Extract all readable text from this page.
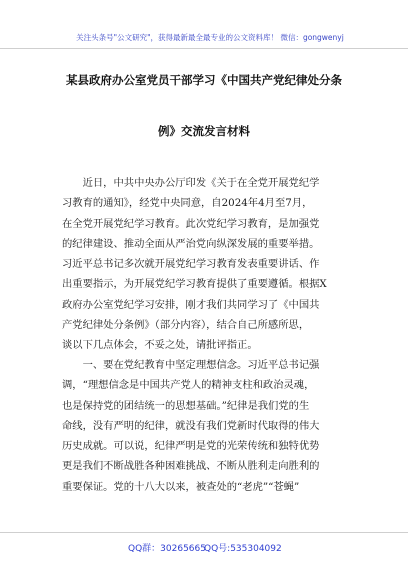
关注头条号"公文研究"，获得最新最全最专业的公文资料库！ 微信：gongwenyj
某县政府办公室党员干部学习《中国共产党纪律处分条
例》交流发言材料
近日，中共中央办公厅印发《关于在全党开展党纪学
习教育的通知》，经党中央同意，自2024年4月至7月，
在全党开展党纪学习教育。此次党纪学习教育，是加强党
的纪律建设、推动全面从严治党向纵深发展的重要举措。
习近平总书记多次就开展党纪学习教育发表重要讲话、作
出重要指示，为开展党纪学习教育提供了重要遵循。根据X
政府办公室党纪学习安排，刚才我们共同学习了《中国共
产党纪律处分条例》（部分内容），结合自己所感所思，
谈以下几点体会，不妥之处，请批评指正。
一、要在党纪教育中坚定理想信念。习近平总书记强
调，“理想信念是中国共产党人的精神支柱和政治灵魂，
也是保持党的团结统一的思想基础。”纪律是我们党的生
命线，没有严明的纪律，就没有我们党新时代取得的伟大
历史成就。可以说，纪律严明是党的光荣传统和独特优势
更是我们不断战胜各种困难挑战、不断从胜利走向胜利的
重要保证。党的十八大以来，被查处的“老虎”“苍蝇”
QQ群：30265665
QQ号:535304092
